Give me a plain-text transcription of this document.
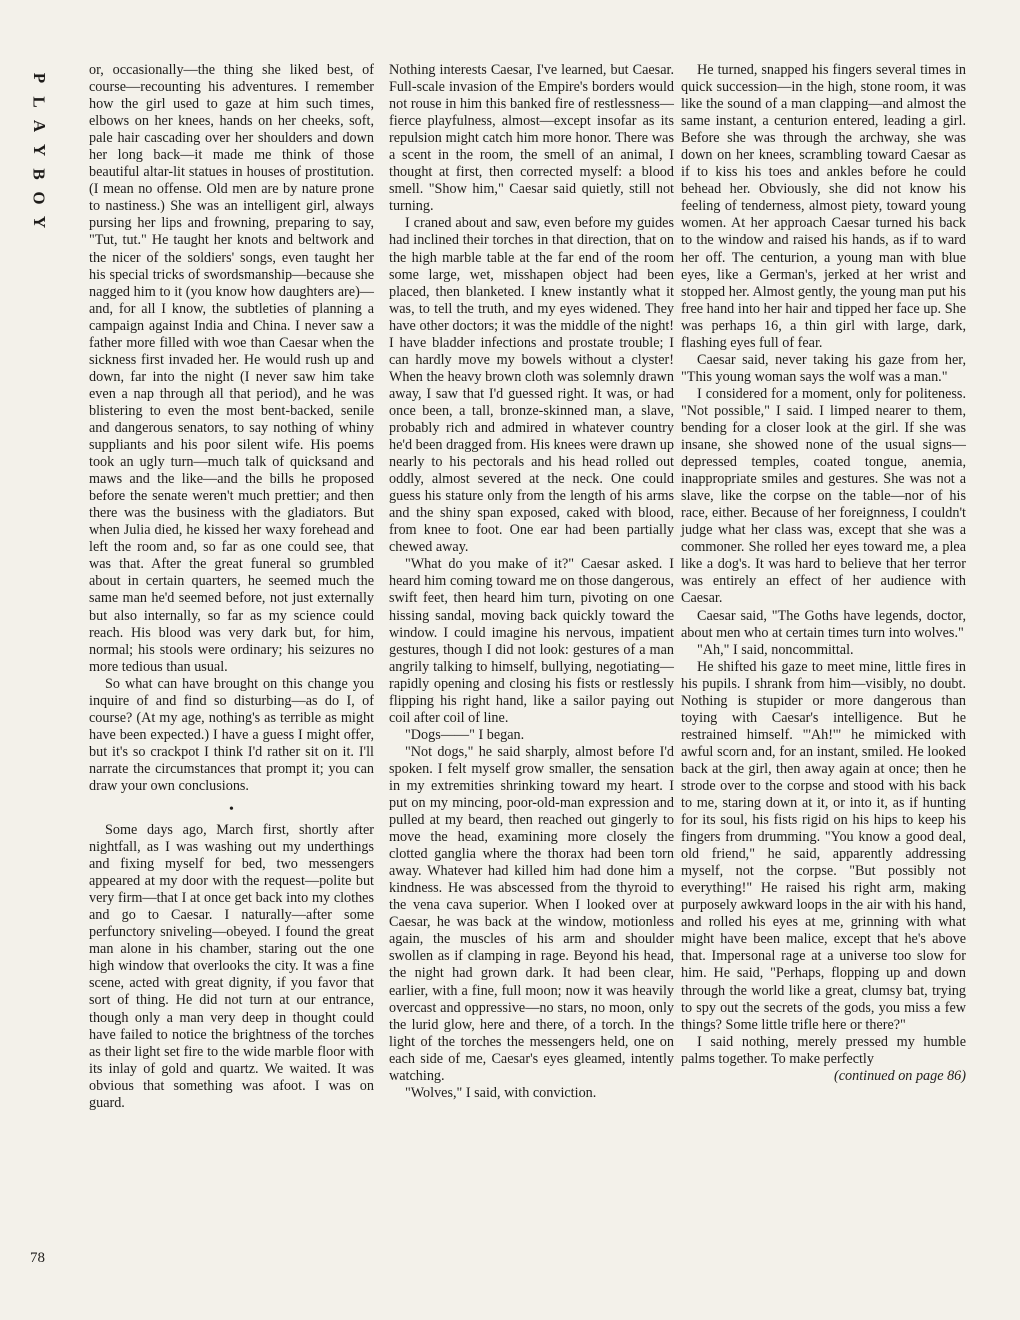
P
L
A
Y
B
O
Y

or, occasionally—the thing she liked best, of course—recounting his adventures. I remember how the girl used to gaze at him such times, elbows on her knees, hands on her cheeks, soft, pale hair cascading over her shoulders and down her long back—it made me think of those beautiful altar-lit statues in houses of prostitution. (I mean no offense. Old men are by nature prone to nastiness.) She was an intelligent girl, always pursing her lips and frowning, preparing to say, "Tut, tut." He taught her knots and beltwork and the nicer of the soldiers' songs, even taught her his special tricks of swordsmanship—because she nagged him to it (you know how daughters are)—and, for all I know, the subtleties of planning a campaign against India and China. I never saw a father more filled with woe than Caesar when the sickness first invaded her. He would rush up and down, far into the night (I never saw him take even a nap through all that period), and he was blistering to even the most bent-backed, senile and dangerous senators, to say nothing of whiny suppliants and his poor silent wife. His poems took an ugly turn—much talk of quicksand and maws and the like—and the bills he proposed before the senate weren't much prettier; and then there was the business with the gladiators. But when Julia died, he kissed her waxy forehead and left the room and, so far as one could see, that was that. After the great funeral so grumbled about in certain quarters, he seemed much the same man he'd seemed before, not just externally but also internally, so far as my science could reach. His blood was very dark but, for him, normal; his stools were ordinary; his seizures no more tedious than usual.

So what can have brought on this change you inquire of and find so disturbing—as do I, of course? (At my age, nothing's as terrible as might have been expected.) I have a guess I might offer, but it's so crackpot I think I'd rather sit on it. I'll narrate the circumstances that prompt it; you can draw your own conclusions.

•

Some days ago, March first, shortly after nightfall, as I was washing out my underthings and fixing myself for bed, two messengers appeared at my door with the request—polite but very firm—that I at once get back into my clothes and go to Caesar. I naturally—after some perfunctory sniveling—obeyed. I found the great man alone in his chamber, staring out the one high window that overlooks the city. It was a fine scene, acted with great dignity, if you favor that sort of thing. He did not turn at our entrance, though only a man very deep in thought could have failed to notice the brightness of the torches as their light set fire to the wide marble floor with its inlay of gold and quartz. We waited. It was obvious that something was afoot. I was on guard.

Nothing interests Caesar, I've learned, but Caesar. Full-scale invasion of the Empire's borders would not rouse in him this banked fire of restlessness—fierce playfulness, almost—except insofar as its repulsion might catch him more honor. There was a scent in the room, the smell of an animal, I thought at first, then corrected myself: a blood smell. "Show him," Caesar said quietly, still not turning.

I craned about and saw, even before my guides had inclined their torches in that direction, that on the high marble table at the far end of the room some large, wet, misshapen object had been placed, then blanketed. I knew instantly what it was, to tell the truth, and my eyes widened. They have other doctors; it was the middle of the night! I have bladder infections and prostate trouble; I can hardly move my bowels without a clyster! When the heavy brown cloth was solemnly drawn away, I saw that I'd guessed right. It was, or had once been, a tall, bronze-skinned man, a slave, probably rich and admired in whatever country he'd been dragged from. His knees were drawn up nearly to his pectorals and his head rolled out oddly, almost severed at the neck. One could guess his stature only from the length of his arms and the shiny span exposed, caked with blood, from knee to foot. One ear had been partially chewed away.

"What do you make of it?" Caesar asked. I heard him coming toward me on those dangerous, swift feet, then heard him turn, pivoting on one hissing sandal, moving back quickly toward the window. I could imagine his nervous, impatient gestures, though I did not look: gestures of a man angrily talking to himself, bullying, negotiating—rapidly opening and closing his fists or restlessly flipping his right hand, like a sailor paying out coil after coil of line.

"Dogs——" I began.

"Not dogs," he said sharply, almost before I'd spoken. I felt myself grow smaller, the sensation in my extremities shrinking toward my heart. I put on my mincing, poor-old-man expression and pulled at my beard, then reached out gingerly to move the head, examining more closely the clotted ganglia where the thorax had been torn away. Whatever had killed him had done him a kindness. He was abscessed from the thyroid to the vena cava superior. When I looked over at Caesar, he was back at the window, motionless again, the muscles of his arm and shoulder swollen as if clamping in rage. Beyond his head, the night had grown dark. It had been clear, earlier, with a fine, full moon; now it was heavily overcast and oppressive—no stars, no moon, only the lurid glow, here and there, of a torch. In the light of the torches the messengers held, one on each side of me, Caesar's eyes gleamed, intently watching.

"Wolves," I said, with conviction.

He turned, snapped his fingers several times in quick succession—in the high, stone room, it was like the sound of a man clapping—and almost the same instant, a centurion entered, leading a girl. Before she was through the archway, she was down on her knees, scrambling toward Caesar as if to kiss his toes and ankles before he could behead her. Obviously, she did not know his feeling of tenderness, almost piety, toward young women. At her approach Caesar turned his back to the window and raised his hands, as if to ward her off. The centurion, a young man with blue eyes, like a German's, jerked at her wrist and stopped her. Almost gently, the young man put his free hand into her hair and tipped her face up. She was perhaps 16, a thin girl with large, dark, flashing eyes full of fear.

Caesar said, never taking his gaze from her, "This young woman says the wolf was a man."

I considered for a moment, only for politeness. "Not possible," I said. I limped nearer to them, bending for a closer look at the girl. If she was insane, she showed none of the usual signs—depressed temples, coated tongue, anemia, inappropriate smiles and gestures. She was not a slave, like the corpse on the table—nor of his race, either. Because of her foreignness, I couldn't judge what her class was, except that she was a commoner. She rolled her eyes toward me, a plea like a dog's. It was hard to believe that her terror was entirely an effect of her audience with Caesar.

Caesar said, "The Goths have legends, doctor, about men who at certain times turn into wolves."

"Ah," I said, noncommittal.

He shifted his gaze to meet mine, little fires in his pupils. I shrank from him—visibly, no doubt. Nothing is stupider or more dangerous than toying with Caesar's intelligence. But he restrained himself. "'Ah!'" he mimicked with awful scorn and, for an instant, smiled. He looked back at the girl, then away again at once; then he strode over to the corpse and stood with his back to me, staring down at it, or into it, as if hunting for its soul, his fists rigid on his hips to keep his fingers from drumming. "You know a good deal, old friend," he said, apparently addressing myself, not the corpse. "But possibly not everything!" He raised his right arm, making purposely awkward loops in the air with his hand, and rolled his eyes at me, grinning with what might have been malice, except that he's above that. Impersonal rage at a universe too slow for him. He said, "Perhaps, flopping up and down through the world like a great, clumsy bat, trying to spy out the secrets of the gods, you miss a few things? Some little trifle here or there?"

I said nothing, merely pressed my humble palms together. To make perfectly

(continued on page 86)
78
